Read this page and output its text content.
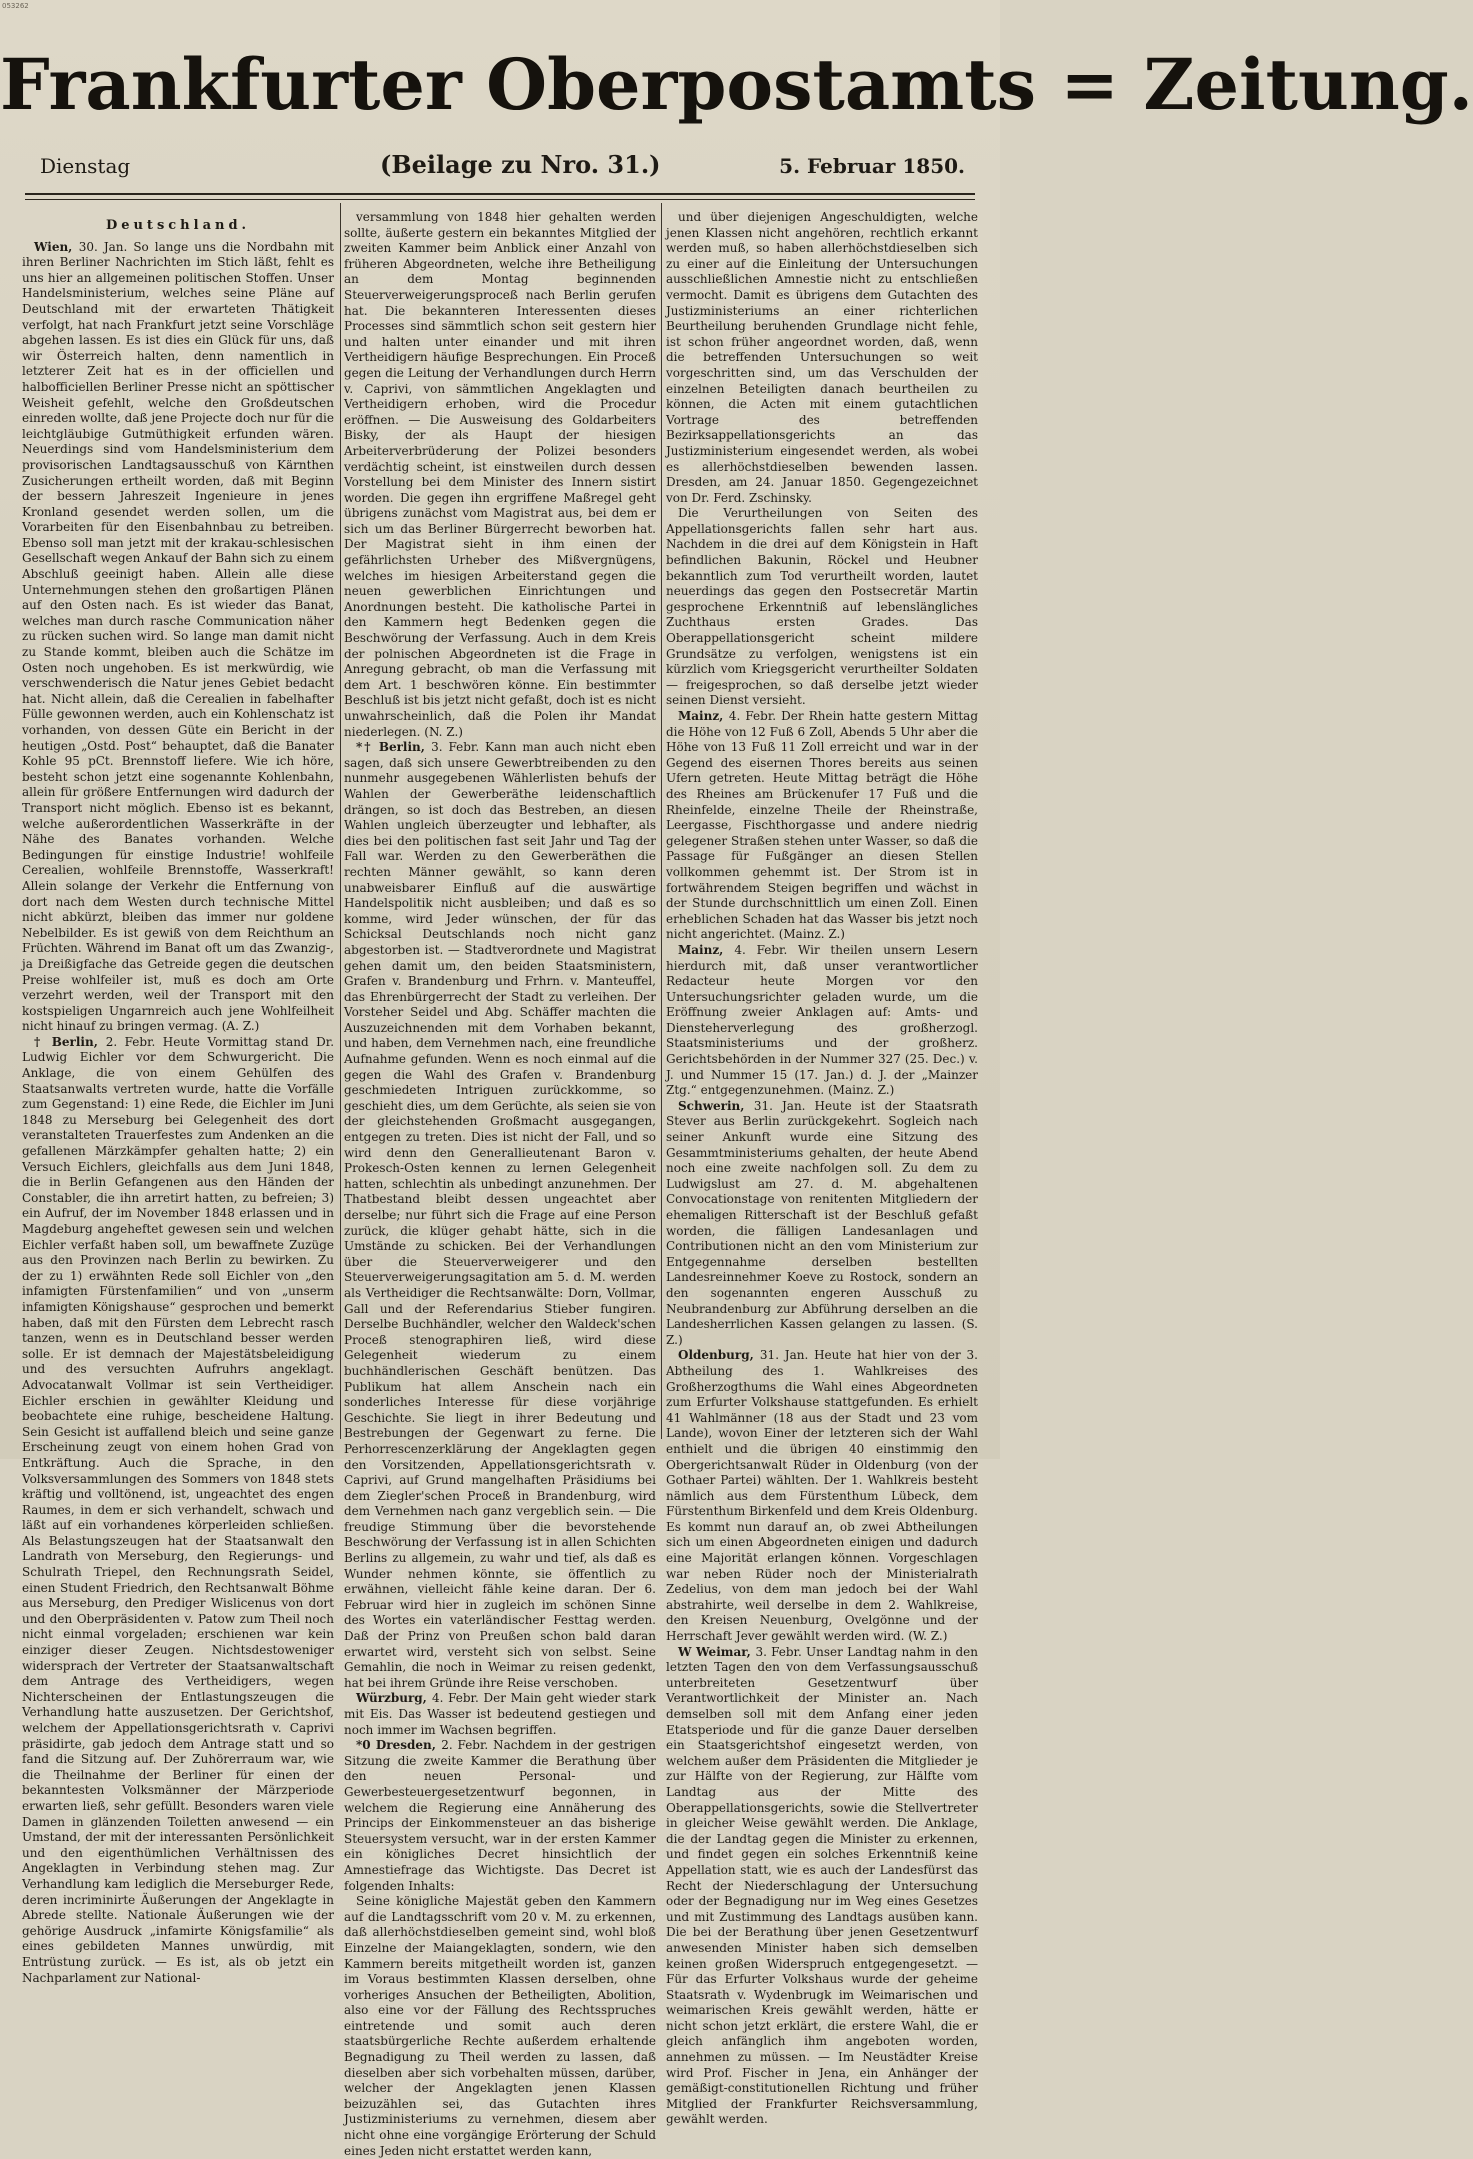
053262
Frankfurter Oberpostamts = Zeitung.
Dienstag	(Beilage zu Nro. 31.)	5. Februar 1850.
Deutschland.

Wien, 30. Jan. So lange uns die Nordbahn mit ihren Berliner Nachrichten im Stich läßt, fehlt es uns hier an allgemeinen politischen Stoffen. Unser Handelsministerium, welches seine Pläne auf Deutschland mit der erwarteten Thätigkeit verfolgt, hat nach Frankfurt jetzt seine Vorschläge abgehen lassen. Es ist dies ein Glück für uns, daß wir Österreich halten, denn namentlich in letzterer Zeit hat es in der officiellen und halbofficiellen Berliner Presse nicht an spöttischer Weisheit gefehlt, welche den Großdeutschen einreden wollte, daß jene Projecte doch nur für die leichtgläubige Gutmüthigkeit erfunden wären. Neuerdings sind vom Handelsministerium dem provisorischen Landtagsausschuß von Kärnthen Zusicherungen ertheilt worden, daß mit Beginn der bessern Jahreszeit Ingenieure in jenes Kronland gesendet werden sollen, um die Vorarbeiten für den Eisenbahnbau zu betreiben. Ebenso soll man jetzt mit der krakau-schlesischen Gesellschaft wegen Ankauf der Bahn sich zu einem Abschluß geeinigt haben. Allein alle diese Unternehmungen stehen den großartigen Plänen auf den Osten nach. Es ist wieder das Banat, welches man durch rasche Communication näher zu rücken suchen wird. So lange man damit nicht zu Stande kommt, bleiben auch die Schätze im Osten noch ungehoben. Es ist merkwürdig, wie verschwenderisch die Natur jenes Gebiet bedacht hat. Nicht allein, daß die Cerealien in fabelhafter Fülle gewonnen werden, auch ein Kohlenschatz ist vorhanden, von dessen Güte ein Bericht in der heutigen „Ostd. Post“ behauptet, daß die Banater Kohle 95 pCt. Brennstoff liefere. Wie ich höre, besteht schon jetzt eine sogenannte Kohlenbahn, allein für größere Entfernungen wird dadurch der Transport nicht möglich. Ebenso ist es bekannt, welche außerordentlichen Wasserkräfte in der Nähe des Banates vorhanden. Welche Bedingungen für einstige Industrie! wohlfeile Cerealien, wohlfeile Brennstoffe, Wasserkraft! Allein solange der Verkehr die Entfernung von dort nach dem Westen durch technische Mittel nicht abkürzt, bleiben das immer nur goldene Nebelbilder. Es ist gewiß von dem Reichthum an Früchten. Während im Banat oft um das Zwanzig-, ja Dreißigfache das Getreide gegen die deutschen Preise wohlfeiler ist, muß es doch am Orte verzehrt werden, weil der Transport mit den kostspieligen Ungarnreich auch jene Wohlfeilheit nicht hinauf zu bringen vermag. (A. Z.)

† Berlin, 2. Febr. Heute Vormittag stand Dr. Ludwig Eichler vor dem Schwurgericht. Die Anklage, die von einem Gehülfen des Staatsanwalts vertreten wurde, hatte die Vorfälle zum Gegenstand: 1) eine Rede, die Eichler im Juni 1848 zu Merseburg bei Gelegenheit des dort veranstalteten Trauerfestes zum Andenken an die gefallenen Märzkämpfer gehalten hatte; 2) ein Versuch Eichlers, gleichfalls aus dem Juni 1848, die in Berlin Gefangenen aus den Händen der Constabler, die ihn arretirt hatten, zu befreien; 3) ein Aufruf, der im November 1848 erlassen und in Magdeburg angeheftet gewesen sein und welchen Eichler verfaßt haben soll, um bewaffnete Zuzüge aus den Provinzen nach Berlin zu bewirken. Zu der zu 1) erwähnten Rede soll Eichler von „den infamigten Fürstenfamilien“ und von „unserm infamigten Königshause“ gesprochen und bemerkt haben, daß mit den Fürsten dem Lebrecht rasch tanzen, wenn es in Deutschland besser werden solle. Er ist demnach der Majestätsbeleidigung und des versuchten Aufruhrs angeklagt. Advocatanwalt Vollmar ist sein Vertheidiger. Eichler erschien in gewählter Kleidung und beobachtete eine ruhige, bescheidene Haltung. Sein Gesicht ist auffallend bleich und seine ganze Erscheinung zeugt von einem hohen Grad von Entkräftung. Auch die Sprache, in den Volksversammlungen des Sommers von 1848 stets kräftig und volltönend, ist, ungeachtet des engen Raumes, in dem er sich verhandelt, schwach und läßt auf ein vorhandenes körperleiden schließen. Als Belastungszeugen hat der Staatsanwalt den Landrath von Merseburg, den Regierungs- und Schulrath Triepel, den Rechnungsrath Seidel, einen Student Friedrich, den Rechtsanwalt Böhme aus Merseburg, den Prediger Wislicenus von dort und den Oberpräsidenten v. Patow zum Theil noch nicht einmal vorgeladen; erschienen war kein einziger dieser Zeugen. Nichtsdestoweniger widersprach der Vertreter der Staatsanwaltschaft dem Antrage des Vertheidigers, wegen Nichterscheinen der Entlastungszeugen die Verhandlung hatte auszusetzen. Der Gerichtshof, welchem der Appellationsgerichtsrath v. Caprivi präsidirte, gab jedoch dem Antrage statt und so fand die Sitzung auf. Der Zuhörerraum war, wie die Theilnahme der Berliner für einen der bekanntesten Volksmänner der Märzperiode erwarten ließ, sehr gefüllt. Besonders waren viele Damen in glänzenden Toiletten anwesend — ein Umstand, der mit der interessanten Persönlichkeit und den eigenthümlichen Verhältnissen des Angeklagten in Verbindung stehen mag. Zur Verhandlung kam lediglich die Merseburger Rede, deren incriminirte Äußerungen der Angeklagte in Abrede stellte. Nationale Äußerungen wie der gehörige Ausdruck „infamirte Königsfamilie“ als eines gebildeten Mannes unwürdig, mit Entrüstung zurück. — Es ist, als ob jetzt ein Nachparlament zur National-

versammlung von 1848 hier gehalten werden sollte, äußerte gestern ein bekanntes Mitglied der zweiten Kammer beim Anblick einer Anzahl von früheren Abgeordneten, welche ihre Betheiligung an dem Montag beginnenden Steuerverweigerungsproceß nach Berlin gerufen hat. Die bekannteren Interessenten dieses Processes sind sämmtlich schon seit gestern hier und halten unter einander und mit ihren Vertheidigern häufige Besprechungen. Ein Proceß gegen die Leitung der Verhandlungen durch Herrn v. Caprivi, von sämmtlichen Angeklagten und Vertheidigern erhoben, wird die Procedur eröffnen. — Die Ausweisung des Goldarbeiters Bisky, der als Haupt der hiesigen Arbeiterverbrüderung der Polizei besonders verdächtig scheint, ist einstweilen durch dessen Vorstellung bei dem Minister des Innern sistirt worden. Die gegen ihn ergriffene Maßregel geht übrigens zunächst vom Magistrat aus, bei dem er sich um das Berliner Bürgerrecht beworben hat. Der Magistrat sieht in ihm einen der gefährlichsten Urheber des Mißvergnügens, welches im hiesigen Arbeiterstand gegen die neuen gewerblichen Einrichtungen und Anordnungen besteht. Die katholische Partei in den Kammern hegt Bedenken gegen die Beschwörung der Verfassung. Auch in dem Kreis der polnischen Abgeordneten ist die Frage in Anregung gebracht, ob man die Verfassung mit dem Art. 1 beschwören könne. Ein bestimmter Beschluß ist bis jetzt nicht gefaßt, doch ist es nicht unwahrscheinlich, daß die Polen ihr Mandat niederlegen. (N. Z.)

*† Berlin, 3. Febr. Kann man auch nicht eben sagen, daß sich unsere Gewerbtreibenden zu den nunmehr ausgegebenen Wählerlisten behufs der Wahlen der Gewerberäthe leidenschaftlich drängen, so ist doch das Bestreben, an diesen Wahlen ungleich überzeugter und lebhafter, als dies bei den politischen fast seit Jahr und Tag der Fall war. Werden zu den Gewerberäthen die rechten Männer gewählt, so kann deren unabweisbarer Einfluß auf die auswärtige Handelspolitik nicht ausbleiben; und daß es so komme, wird Jeder wünschen, der für das Schicksal Deutschlands noch nicht ganz abgestorben ist. — Stadtverordnete und Magistrat gehen damit um, den beiden Staatsministern, Grafen v. Brandenburg und Frhrn. v. Manteuffel, das Ehrenbürgerrecht der Stadt zu verleihen. Der Vorsteher Seidel und Abg. Schäffer machten die Auszuzeichnenden mit dem Vorhaben bekannt, und haben, dem Vernehmen nach, eine freundliche Aufnahme gefunden. Wenn es noch einmal auf die gegen die Wahl des Grafen v. Brandenburg geschmiedeten Intriguen zurückkomme, so geschieht dies, um dem Gerüchte, als seien sie von der gleichstehenden Großmacht ausgegangen, entgegen zu treten. Dies ist nicht der Fall, und so wird denn den Generallieutenant Baron v. Prokesch-Osten kennen zu lernen Gelegenheit hatten, schlechtin als unbedingt anzunehmen. Der Thatbestand bleibt dessen ungeachtet aber derselbe; nur führt sich die Frage auf eine Person zurück, die klüger gehabt hätte, sich in die Umstände zu schicken. Bei der Verhandlungen über die Steuerverweigerer und den Steuerverweigerungsagitation am 5. d. M. werden als Vertheidiger die Rechtsanwälte: Dorn, Vollmar, Gall und der Referendarius Stieber fungiren. Derselbe Buchhändler, welcher den Waldeck'schen Proceß stenographiren ließ, wird diese Gelegenheit wiederum zu einem buchhändlerischen Geschäft benützen. Das Publikum hat allem Anschein nach ein sonderliches Interesse für diese vorjährige Geschichte. Sie liegt in ihrer Bedeutung und Bestrebungen der Gegenwart zu ferne. Die Perhorrescenzerklärung der Angeklagten gegen den Vorsitzenden, Appellationsgerichtsrath v. Caprivi, auf Grund mangelhaften Präsidiums bei dem Ziegler'schen Proceß in Brandenburg, wird dem Vernehmen nach ganz vergeblich sein. — Die freudige Stimmung über die bevorstehende Beschwörung der Verfassung ist in allen Schichten Berlins zu allgemein, zu wahr und tief, als daß es Wunder nehmen könnte, sie öffentlich zu erwähnen, vielleicht fähle keine daran. Der 6. Februar wird hier in zugleich im schönen Sinne des Wortes ein vaterländischer Festtag werden. Daß der Prinz von Preußen schon bald daran erwartet wird, versteht sich von selbst. Seine Gemahlin, die noch in Weimar zu reisen gedenkt, hat bei ihrem Gründe ihre Reise verschoben.

Würzburg, 4. Febr. Der Main geht wieder stark mit Eis. Das Wasser ist bedeutend gestiegen und noch immer im Wachsen begriffen.

*0 Dresden, 2. Febr. Nachdem in der gestrigen Sitzung die zweite Kammer die Berathung über den neuen Personal- und Gewerbesteuergesetzentwurf begonnen, in welchem die Regierung eine Annäherung des Princips der Einkommensteuer an das bisherige Steuersystem versucht, war in der ersten Kammer ein königliches Decret hinsichtlich der Amnestiefrage das Wichtigste. Das Decret ist folgenden Inhalts:

Seine königliche Majestät geben den Kammern auf die Landtagsschrift vom 20 v. M. zu erkennen, daß allerhöchstdieselben gemeint sind, wohl bloß Einzelne der Maiangeklagten, sondern, wie den Kammern bereits mitgetheilt worden ist, ganzen im Voraus bestimmten Klassen derselben, ohne vorheriges Ansuchen der Betheiligten, Abolition, also eine vor der Fällung des Rechtsspruches eintretende und somit auch deren staatsbürgerliche Rechte außerdem erhaltende Begnadigung zu Theil werden zu lassen, daß dieselben aber sich vorbehalten müssen, darüber, welcher der Angeklagten jenen Klassen beizuzählen sei, das Gutachten ihres Justizministeriums zu vernehmen, diesem aber nicht ohne eine vorgängige Erörterung der Schuld eines Jeden nicht erstattet werden kann,

und über diejenigen Angeschuldigten, welche jenen Klassen nicht angehören, rechtlich erkannt werden muß, so haben allerhöchstdieselben sich zu einer auf die Einleitung der Untersuchungen ausschließlichen Amnestie nicht zu entschließen vermocht. Damit es übrigens dem Gutachten des Justizministeriums an einer richterlichen Beurtheilung beruhenden Grundlage nicht fehle, ist schon früher angeordnet worden, daß, wenn die betreffenden Untersuchungen so weit vorgeschritten sind, um das Verschulden der einzelnen Beteiligten danach beurtheilen zu können, die Acten mit einem gutachtlichen Vortrage des betreffenden Bezirksappellationsgerichts an das Justizministerium eingesendet werden, als wobei es allerhöchstdieselben bewenden lassen. Dresden, am 24. Januar 1850. Gegengezeichnet von Dr. Ferd. Zschinsky.

Die Verurtheilungen von Seiten des Appellationsgerichts fallen sehr hart aus. Nachdem in die drei auf dem Königstein in Haft befindlichen Bakunin, Röckel und Heubner bekanntlich zum Tod verurtheilt worden, lautet neuerdings das gegen den Postsecretär Martin gesprochene Erkenntniß auf lebenslängliches Zuchthaus ersten Grades. Das Oberappellationsgericht scheint mildere Grundsätze zu verfolgen, wenigstens ist ein kürzlich vom Kriegsgericht verurtheilter Soldaten — freigesprochen, so daß derselbe jetzt wieder seinen Dienst versieht.

Mainz, 4. Febr. Der Rhein hatte gestern Mittag die Höhe von 12 Fuß 6 Zoll, Abends 5 Uhr aber die Höhe von 13 Fuß 11 Zoll erreicht und war in der Gegend des eisernen Thores bereits aus seinen Ufern getreten. Heute Mittag beträgt die Höhe des Rheines am Brückenufer 17 Fuß und die Rheinfelde, einzelne Theile der Rheinstraße, Leergasse, Fischthorgasse und andere niedrig gelegener Straßen stehen unter Wasser, so daß die Passage für Fußgänger an diesen Stellen vollkommen gehemmt ist. Der Strom ist in fortwährendem Steigen begriffen und wächst in der Stunde durchschnittlich um einen Zoll. Einen erheblichen Schaden hat das Wasser bis jetzt noch nicht angerichtet. (Mainz. Z.)

Mainz, 4. Febr. Wir theilen unsern Lesern hierdurch mit, daß unser verantwortlicher Redacteur heute Morgen vor den Untersuchungsrichter geladen wurde, um die Eröffnung zweier Anklagen auf: Amts- und Diensteherverlegung des großherzogl. Staatsministeriums und der großherz. Gerichtsbehörden in der Nummer 327 (25. Dec.) v. J. und Nummer 15 (17. Jan.) d. J. der „Mainzer Ztg.“ entgegenzunehmen. (Mainz. Z.)

Schwerin, 31. Jan. Heute ist der Staatsrath Stever aus Berlin zurückgekehrt. Sogleich nach seiner Ankunft wurde eine Sitzung des Gesammtministeriums gehalten, der heute Abend noch eine zweite nachfolgen soll. Zu dem zu Ludwigslust am 27. d. M. abgehaltenen Convocationstage von renitenten Mitgliedern der ehemaligen Ritterschaft ist der Beschluß gefaßt worden, die fälligen Landesanlagen und Contributionen nicht an den vom Ministerium zur Entgegennahme derselben bestellten Landesreinnehmer Koeve zu Rostock, sondern an den sogenannten engeren Ausschuß zu Neubrandenburg zur Abführung derselben an die Landesherrlichen Kassen gelangen zu lassen. (S. Z.)

Oldenburg, 31. Jan. Heute hat hier von der 3. Abtheilung des 1. Wahlkreises des Großherzogthums die Wahl eines Abgeordneten zum Erfurter Volkshause stattgefunden. Es erhielt 41 Wahlmänner (18 aus der Stadt und 23 vom Lande), wovon Einer der letzteren sich der Wahl enthielt und die übrigen 40 einstimmig den Obergerichtsanwalt Rüder in Oldenburg (von der Gothaer Partei) wählten. Der 1. Wahlkreis besteht nämlich aus dem Fürstenthum Lübeck, dem Fürstenthum Birkenfeld und dem Kreis Oldenburg. Es kommt nun darauf an, ob zwei Abtheilungen sich um einen Abgeordneten einigen und dadurch eine Majorität erlangen können. Vorgeschlagen war neben Rüder noch der Ministerialrath Zedelius, von dem man jedoch bei der Wahl abstrahirte, weil derselbe in dem 2. Wahlkreise, den Kreisen Neuenburg, Ovelgönne und der Herrschaft Jever gewählt werden wird. (W. Z.)

W Weimar, 3. Febr. Unser Landtag nahm in den letzten Tagen den von dem Verfassungsausschuß unterbreiteten Gesetzentwurf über Verantwortlichkeit der Minister an. Nach demselben soll mit dem Anfang einer jeden Etatsperiode und für die ganze Dauer derselben ein Staatsgerichtshof eingesetzt werden, von welchem außer dem Präsidenten die Mitglieder je zur Hälfte von der Regierung, zur Hälfte vom Landtag aus der Mitte des Oberappellationsgerichts, sowie die Stellvertreter in gleicher Weise gewählt werden. Die Anklage, die der Landtag gegen die Minister zu erkennen, und findet gegen ein solches Erkenntniß keine Appellation statt, wie es auch der Landesfürst das Recht der Niederschlagung der Untersuchung oder der Begnadigung nur im Weg eines Gesetzes und mit Zustimmung des Landtags ausüben kann. Die bei der Berathung über jenen Gesetzentwurf anwesenden Minister haben sich demselben keinen großen Widerspruch entgegengesetzt. — Für das Erfurter Volkshaus wurde der geheime Staatsrath v. Wydenbrugk im Weimarischen und weimarischen Kreis gewählt werden, hätte er nicht schon jetzt erklärt, die erstere Wahl, die er gleich anfänglich ihm angeboten worden, annehmen zu müssen. — Im Neustädter Kreise wird Prof. Fischer in Jena, ein Anhänger der gemäßigt-constitutionellen Richtung und früher Mitglied der Frankfurter Reichsversammlung, gewählt werden.
